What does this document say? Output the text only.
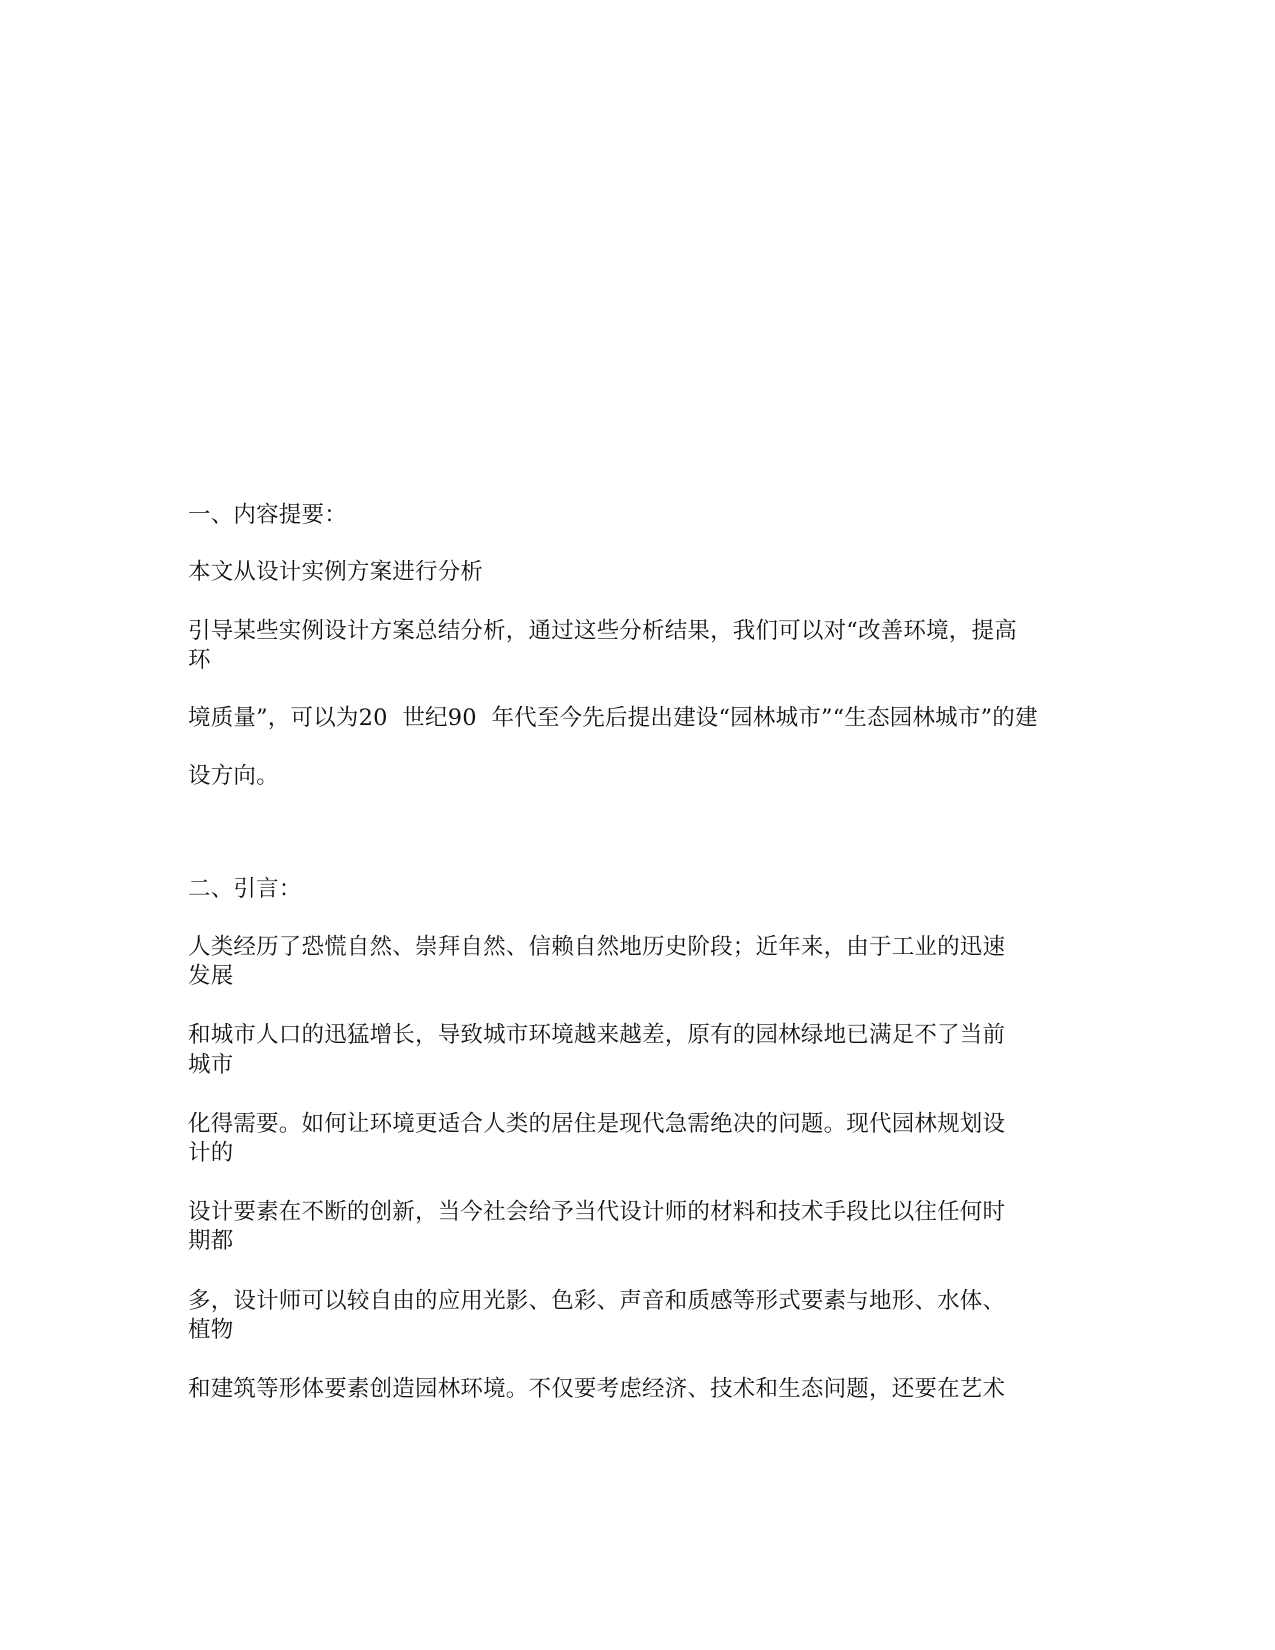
一、内容提要：
本文从设计实例方案进行分析
引导某些实例设计方案总结分析，通过这些分析结果，我们可以对“改善环境，提高
环
境质量”，可以为20  世纪90  年代至今先后提出建设“园林城市”“生态园林城市”的建
设方向。
二、引言：
人类经历了恐慌自然、崇拜自然、信赖自然地历史阶段；近年来，由于工业的迅速
发展
和城市人口的迅猛增长，导致城市环境越来越差，原有的园林绿地已满足不了当前
城市
化得需要。如何让环境更适合人类的居住是现代急需绝决的问题。现代园林规划设
计的
设计要素在不断的创新，当今社会给予当代设计师的材料和技术手段比以往任何时
期都
多，设计师可以较自由的应用光影、色彩、声音和质感等形式要素与地形、水体、
植物
和建筑等形体要素创造园林环境。不仅要考虑经济、技术和生态问题，还要在艺术
